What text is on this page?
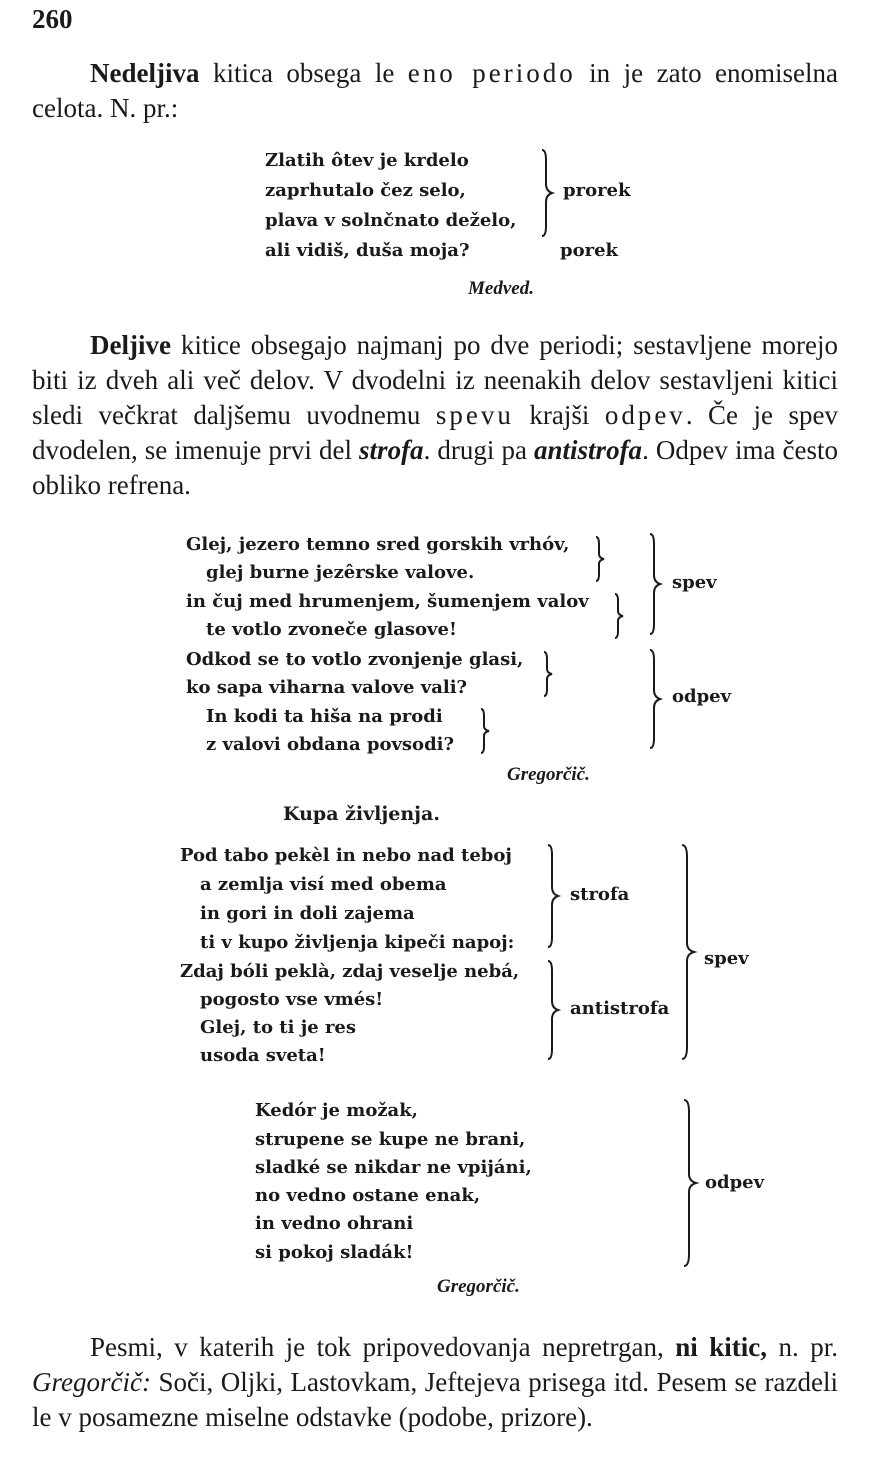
260
Nedeljiva kitica obsega le eno periodo in je zato enomiselna celota. N. pr.:
Zlatih ôtev je krdelo
zaprhutalo čez selo,
plava v solnčnato deželo,
ali vidiš, duša moja?
prorek
porek
Medved.
Deljive kitice obsegajo najmanj po dve periodi; sestavljene morejo biti iz dveh ali več delov. V dvodelni iz neenakih delov sestavljeni kitici sledi večkrat daljšemu uvodnemu spevu krajši odpev. Če je spev dvodelen, se imenuje prvi del strofa. drugi pa antistrofa. Odpev ima često obliko refrena.
Glej, jezero temno sred gorskih vrhóv,
glej burne jezêrske valove.
in čuj med hrumenjem, šumenjem valov
te votlo zvoneče glasove!
Odkod se to votlo zvonjenje glasi,
ko sapa viharna valove vali?
In kodi ta hiša na prodi
z valovi obdana povsodi?
spev
odpev
Gregorčič.
Kupa življenja.
Pod tabo pekèl in nebo nad teboj
a zemlja visí med obema
in gori in doli zajema
ti v kupo življenja kipeči napoj:
Zdaj bóli peklà, zdaj veselje nebá,
pogosto vse vmés!
Glej, to ti je res
usoda sveta!
strofa
antistrofa
spev
Kedór je možak,
strupene se kupe ne brani,
sladké se nikdar ne vpijáni,
no vedno ostane enak,
in vedno ohrani
si pokoj sladák!
odpev
Gregorčič.
Pesmi, v katerih je tok pripovedovanja nepretrgan, ni kitic, n. pr. Gregorčič: Soči, Oljki, Lastovkam, Jeftejeva prisega itd. Pesem se razdeli le v posamezne miselne odstavke (podobe, prizore).
